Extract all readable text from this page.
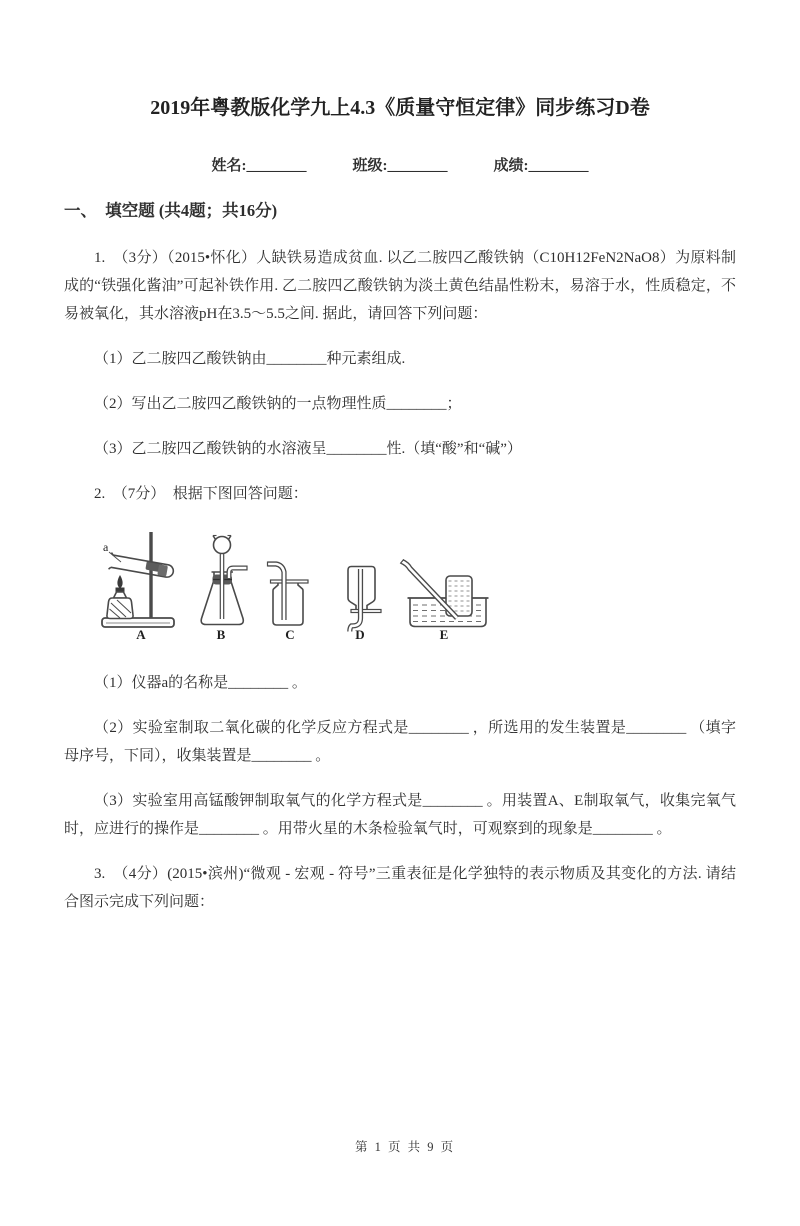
2019年粤教版化学九上4.3《质量守恒定律》同步练习D卷
姓名:________	班级:________	成绩:________
一、　填空题 (共4题；共16分)

1.　（3分）（2015•怀化）人缺铁易造成贫血. 以乙二胺四乙酸铁钠（C10H12FeN2NaO8）为原料制成的“铁强化酱油”可起补铁作用. 乙二胺四乙酸铁钠为淡土黄色结晶性粉末，易溶于水，性质稳定，不易被氧化，其水溶液pH在3.5～5.5之间. 据此，请回答下列问题：

（1）乙二胺四乙酸铁钠由________种元素组成.

（2）写出乙二胺四乙酸铁钠的一点物理性质________；

（3）乙二胺四乙酸铁钠的水溶液呈________性.（填“酸”和“碱”）

2.　（7分）　根据下图回答问题：

a
A	B	C	D	E

（1）仪器a的名称是________ 。

（2）实验室制取二氧化碳的化学反应方程式是________ ，所选用的发生装置是________ （填字母序号，下同），收集装置是________ 。

（3）实验室用高锰酸钾制取氧气的化学方程式是________ 。用装置A、E制取氧气，收集完氧气时，应进行的操作是________ 。用带火星的木条检验氧气时，可观察到的现象是________ 。

3.　（4分）(2015•滨州)“微观 - 宏观 - 符号”三重表征是化学独特的表示物质及其变化的方法. 请结合图示完成下列问题：

第 1 页 共 9 页
